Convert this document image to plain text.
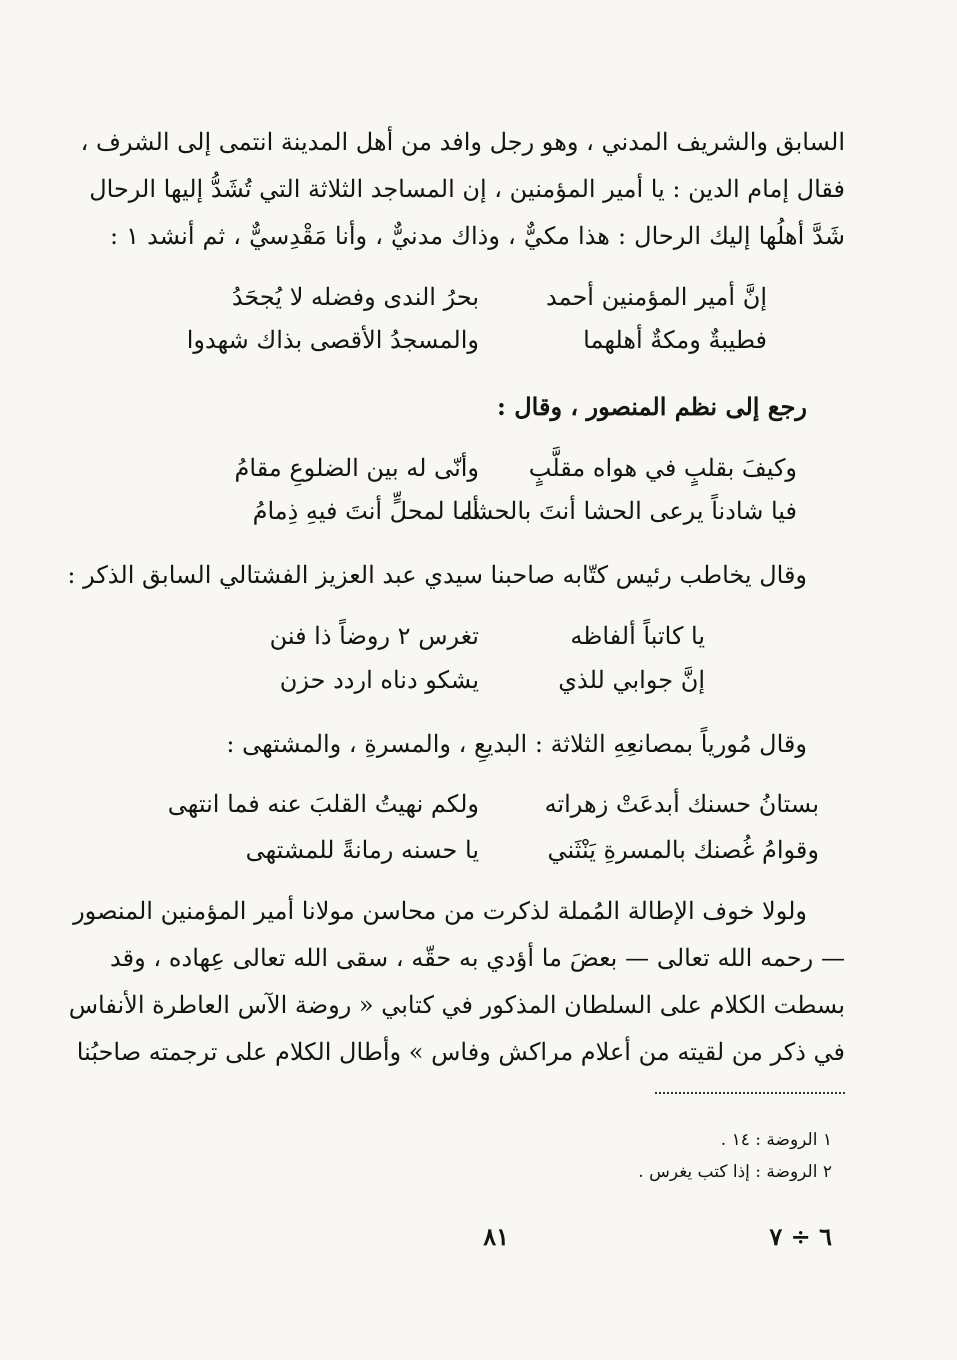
السابق والشريف المدني ، وهو رجل وافد من أهل المدينة انتمى إلى الشرف ،
فقال إمام الدين : يا أمير المؤمنين ، إن المساجد الثلاثة التي تُشَدُّ إليها الرحال
شَدَّ أهلُها إليك الرحال : هذا مكيٌّ ، وذاك مدنيٌّ ، وأنا مَقْدِسيٌّ ، ثم أنشد ١ :
إنَّ أمير المؤمنين أحمد
بحرُ الندى وفضله لا يُجحَدُ
فطيبةٌ ومكةٌ أهلهما
والمسجدُ الأقصى بذاك شهدوا
رجع إلى نظم المنصور ، وقال :
وكيفَ بقلبٍ في هواه مقلَّبٍ
وأنّى له بين الضلوعِ مقامُ
فيا شادناً يرعى الحشا أنتَ بالحشا
أما لمحلٍّ أنتَ فيهِ ذِمامُ
وقال يخاطب رئيس كتّابه صاحبنا سيدي عبد العزيز الفشتالي السابق الذكر :
يا كاتباً ألفاظه
تغرس ٢ روضاً ذا فنن
إنَّ جوابي للذي
يشكو دناه اردد حزن
وقال مُورياً بمصانعِهِ الثلاثة : البديعِ ، والمسرةِ ، والمشتهى :
بستانُ حسنك أبدعَتْ زهراته
ولكم نهيتُ القلبَ عنه فما انتهى
وقوامُ غُصنك بالمسرةِ يَنْثَني
يا حسنه رمانةً للمشتهى
ولولا خوف الإطالة المُملة لذكرت من محاسن مولانا أمير المؤمنين المنصور
— رحمه الله تعالى — بعضَ ما أؤدي به حقّه ، سقى الله تعالى عِهاده ، وقد
بسطت الكلام على السلطان المذكور في كتابي « روضة الآس العاطرة الأنفاس
في ذكر من لقيته من أعلام مراكش وفاس » وأطال الكلام على ترجمته صاحبُنا
١ الروضة : ١٤ .
٢ الروضة : إذا كتب يغرس .
٨١	٦ ÷ ٧
